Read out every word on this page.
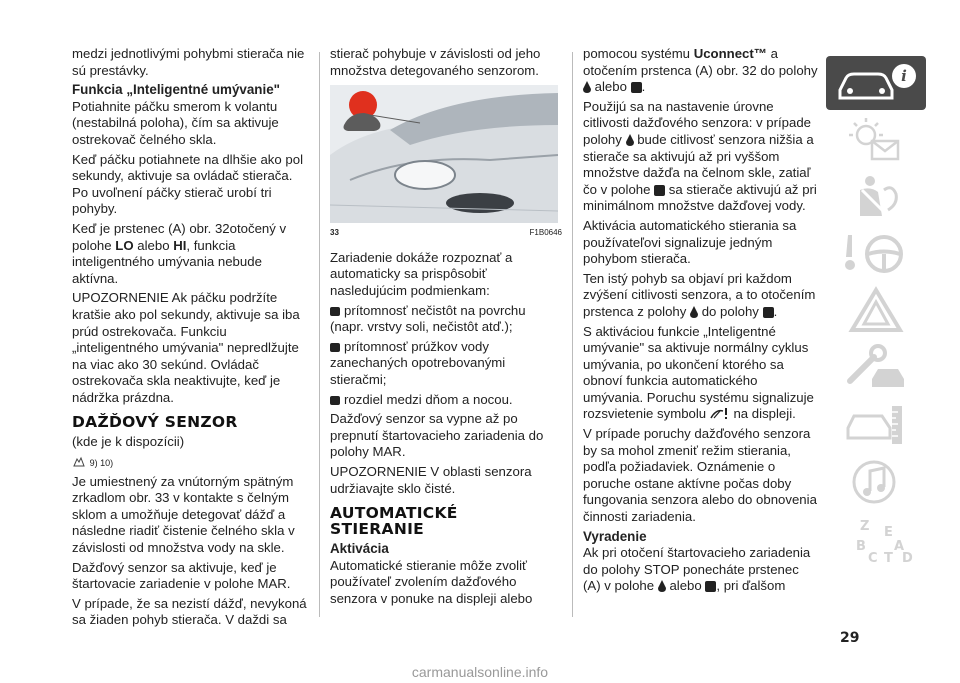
medzi jednotlivými pohybmi stierača nie sú prestávky.

Funkcia „Inteligentné umývanie"

Potiahnite páčku smerom k volantu (nestabilná poloha), čím sa aktivuje ostrekovač čelného skla.

Keď páčku potiahnete na dlhšie ako pol sekundy, aktivuje sa ovládač stierača. Po uvoľnení páčky stierač urobí tri pohyby.

Keď je prstenec (A) obr. 32otočený v polohe LO alebo HI, funkcia inteligentného umývania nebude aktívna.

UPOZORNENIE Ak páčku podržíte kratšie ako pol sekundy, aktivuje sa iba prúd ostrekovača. Funkciu „inteligentného umývania" nepredlžujte na viac ako 30 sekúnd. Ovládač ostrekovača skla neaktivujte, keď je nádržka prázdna.

DAŽĎOVÝ SENZOR

(kde je k dispozícii)

9) 10)

Je umiestnený za vnútorným spätným zrkadlom obr. 33 v kontakte s čelným sklom a umožňuje detegovať dážď a následne riadiť čistenie čelného skla v závislosti od množstva vody na skle.

Dažďový senzor sa aktivuje, keď je štartovacie zariadenie v polohe MAR.

V prípade, že sa nezistí dážď, nevykoná sa žiaden pohyb stierača. V daždi sa

stierač pohybuje v závislosti od jeho množstva detegovaného senzorom.

33	F1B0646

Zariadenie dokáže rozpoznať a automaticky sa prispôsobiť nasledujúcim podmienkam:

prítomnosť nečistôt na povrchu (napr. vrstvy soli, nečistôt atď.);

prítomnosť prúžkov vody zanechaných opotrebovanými stieračmi;

rozdiel medzi dňom a nocou.

Dažďový senzor sa vypne až po prepnutí štartovacieho zariadenia do polohy MAR.

UPOZORNENIE V oblasti senzora udržiavajte sklo čisté.

AUTOMATICKÉ STIERANIE
Aktivácia

Automatické stieranie môže zvoliť používateľ zvolením dažďového senzora v ponuke na displeji alebo

pomocou systému Uconnect™ a otočením prstenca (A) obr. 32 do polohy  alebo .

Použijú sa na nastavenie úrovne citlivosti dažďového senzora: v prípade polohy  bude citlivosť senzora nižšia a stierače sa aktivujú až pri vyššom množstve dažďa na čelnom skle, zatiaľ čo v polohe  sa stierače aktivujú až pri minimálnom množstve dažďovej vody.

Aktivácia automatického stierania sa používateľovi signalizuje jedným pohybom stierača.

Ten istý pohyb sa objaví pri každom zvýšení citlivosti senzora, a to otočením prstenca z polohy  do polohy .

S aktiváciou funkcie „Inteligentné umývanie" sa aktivuje normálny cyklus umývania, po ukončení ktorého sa obnoví funkcia automatického umývania. Poruchu systému signalizuje rozsvietenie symbolu  na displeji.

V prípade poruchy dažďového senzora by sa mohol zmeniť režim stierania, podľa požiadaviek. Oznámenie o poruche ostane aktívne počas doby fungovania senzora alebo do obnovenia činnosti zariadenia.

Vyradenie

Ak pri otočení štartovacieho zariadenia do polohy STOP ponecháte prstenec (A) v polohe  alebo , pri ďalšom

i
Z E
B A
C T D
29
carmanualsonline.info
